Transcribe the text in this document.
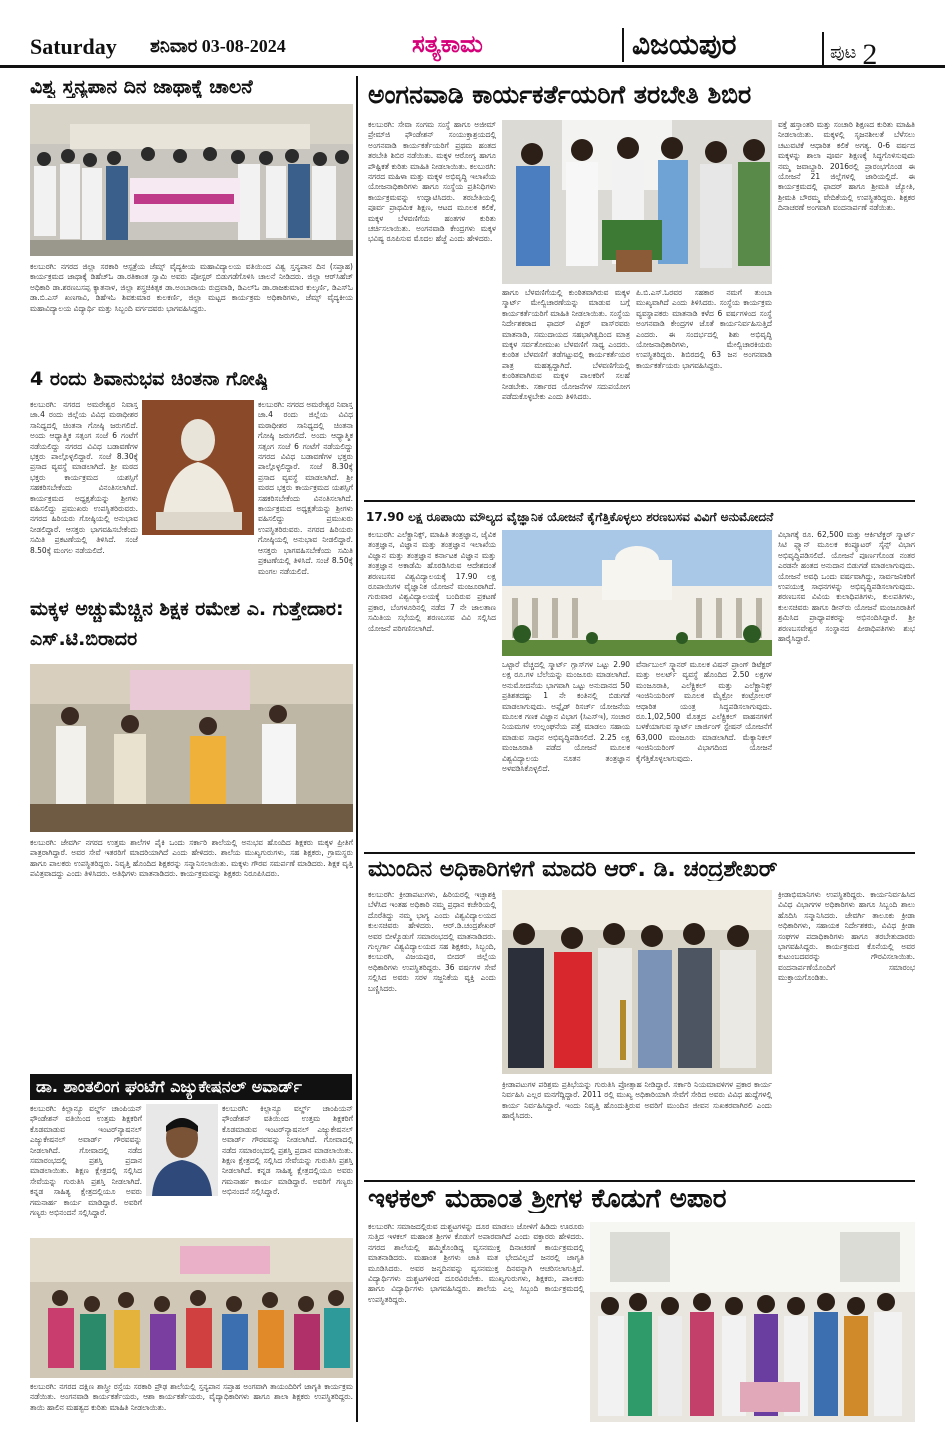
Saturday ಶನಿವಾರ 03-08-2024	ಸತ್ಯಕಾಮ	ವಿಜಯಪುರ	ಪುಟ 2
ವಿಶ್ವ ಸ್ತನ್ಯಪಾನ ದಿನ ಜಾಥಾಕ್ಕೆ ಚಾಲನೆ

ಕಲಬುರಗಿ: ನಗರದ ಜಿಲ್ಲಾ ಸರಕಾರಿ ಆಸ್ಪತ್ರೆಯ ಜೆಮ್ಸ್ ವೈದ್ಯಕೀಯ ಮಹಾವಿದ್ಯಾಲಯ ವತಿಯಿಂದ ವಿಶ್ವ ಸ್ತನ್ಯಪಾನ ದಿನ (ಸಪ್ತಾಹ) ಕಾರ್ಯಕ್ರಮದ ಜಾಥಾಕ್ಕೆ ಡಿಹೆಚ್ಓ ಡಾ.ರತಿಕಾಂತ ಸ್ವಾಮಿ ಅವರು ಪೋಸ್ಟರ್ ಬಿಡುಗಡೆಗೊಳಿಸಿ ಚಾಲನೆ ನೀಡಿದರು. ಜಿಲ್ಲಾ ಆರ್‌ಸಿಹೆಚ್ ಅಧಿಕಾರಿ ಡಾ.ಶರಣಬಸಪ್ಪ ಕ್ಯಾತನಾಳ, ಜಿಲ್ಲಾ ಶಸ್ತ್ರಚಿಕಿತ್ಸಕ ಡಾ.ಅಂಬಾರಾಯ ರುದ್ರವಾಡಿ, ಡಿಎಲ್ಓ ಡಾ.ರಾಜಕುಮಾರ ಕುಲ್ಕರ್ಣಿ, ಡಿಎಸ್ಓ ಡಾ.ಬಿ.ಎಸ್ ಖಣಗಾವಿ, ಡಿಹೆಇಓ ಶಿವಕುಮಾರ ಕುಲಕರ್ಣಿ, ಜಿಲ್ಲಾ ಮಟ್ಟದ ಕಾರ್ಯಕ್ರಮ ಅಧಿಕಾರಿಗಳು, ಜೆಮ್ಸ್ ವೈದ್ಯಕೀಯ ಮಹಾವಿದ್ಯಾಲಯ ವಿದ್ಯಾರ್ಥಿ ಮತ್ತು ಸಿಬ್ಬಂದಿ ವರ್ಗದವರು ಭಾಗವಹಿಸಿದ್ದರು.

4 ರಂದು ಶಿವಾನುಭವ ಚಿಂತನಾ ಗೋಷ್ಠಿ

ಕಲಬುರಗಿ: ನಗರದ ಅಮರೇಶ್ವರ ನಿವಾಸ್ತ ಜಾ.4 ರಂದು ಜಿಲ್ಲೆಯ ವಿವಿಧ ಮಠಾಧೀಶರ ಸಾನಿಧ್ಯದಲ್ಲಿ ಚಿಂತನಾ ಗೋಷ್ಠಿ ಜರುಗಲಿದೆ. ಅಂದು ಆಧ್ಯಾತ್ಮಿಕ ಸತ್ಸಂಗ ಸಂಜೆ 6 ಗಂಟೆಗೆ ನಡೆಯಲಿದ್ದು ನಗರದ ವಿವಿಧ ಬಡಾವಣೆಗಳ ಭಕ್ತರು ಪಾಲ್ಗೊಳ್ಳಲಿದ್ದಾರೆ. ಸಂಜೆ 8.30ಕ್ಕೆ ಪ್ರಸಾದ ವ್ಯವಸ್ಥೆ ಮಾಡಲಾಗಿದೆ. ಶ್ರೀ ಮಠದ ಭಕ್ತರು ಕಾರ್ಯಕ್ರಮದ ಯಶಸ್ಸಿಗೆ ಸಹಕರಿಸಬೇಕೆಂದು ವಿನಂತಿಸಲಾಗಿದೆ. ಕಾರ್ಯಕ್ರಮದ ಅಧ್ಯಕ್ಷತೆಯನ್ನು ಶ್ರೀಗಳು ವಹಿಸಲಿದ್ದು ಪ್ರಮುಖರು ಉಪಸ್ಥಿತರಿರುವರು. ನಗರದ ಹಿರಿಯರು ಗೋಷ್ಠಿಯಲ್ಲಿ ಅನುಭಾವ ನೀಡಲಿದ್ದಾರೆ. ಆಸಕ್ತರು ಭಾಗವಹಿಸಬೇಕೆಂದು ಸಮಿತಿ ಪ್ರಕಟಣೆಯಲ್ಲಿ ತಿಳಿಸಿದೆ. ಸಂಜೆ 8.50ಕ್ಕೆ ಮಂಗಲ ನಡೆಯಲಿದೆ.

ಕಲಬುರಗಿ: ನಗರದ ಅಮರೇಶ್ವರ ನಿವಾಸ್ತ ಜಾ.4 ರಂದು ಜಿಲ್ಲೆಯ ವಿವಿಧ ಮಠಾಧೀಶರ ಸಾನಿಧ್ಯದಲ್ಲಿ ಚಿಂತನಾ ಗೋಷ್ಠಿ ಜರುಗಲಿದೆ. ಅಂದು ಆಧ್ಯಾತ್ಮಿಕ ಸತ್ಸಂಗ ಸಂಜೆ 6 ಗಂಟೆಗೆ ನಡೆಯಲಿದ್ದು ನಗರದ ವಿವಿಧ ಬಡಾವಣೆಗಳ ಭಕ್ತರು ಪಾಲ್ಗೊಳ್ಳಲಿದ್ದಾರೆ. ಸಂಜೆ 8.30ಕ್ಕೆ ಪ್ರಸಾದ ವ್ಯವಸ್ಥೆ ಮಾಡಲಾಗಿದೆ. ಶ್ರೀ ಮಠದ ಭಕ್ತರು ಕಾರ್ಯಕ್ರಮದ ಯಶಸ್ಸಿಗೆ ಸಹಕರಿಸಬೇಕೆಂದು ವಿನಂತಿಸಲಾಗಿದೆ. ಕಾರ್ಯಕ್ರಮದ ಅಧ್ಯಕ್ಷತೆಯನ್ನು ಶ್ರೀಗಳು ವಹಿಸಲಿದ್ದು ಪ್ರಮುಖರು ಉಪಸ್ಥಿತರಿರುವರು. ನಗರದ ಹಿರಿಯರು ಗೋಷ್ಠಿಯಲ್ಲಿ ಅನುಭಾವ ನೀಡಲಿದ್ದಾರೆ. ಆಸಕ್ತರು ಭಾಗವಹಿಸಬೇಕೆಂದು ಸಮಿತಿ ಪ್ರಕಟಣೆಯಲ್ಲಿ ತಿಳಿಸಿದೆ. ಸಂಜೆ 8.50ಕ್ಕೆ ಮಂಗಲ ನಡೆಯಲಿದೆ.

ಮಕ್ಕಳ ಅಚ್ಚುಮೆಚ್ಚಿನ ಶಿಕ್ಷಕ ರಮೇಶ ಎ. ಗುತ್ತೇದಾರ: ಎಸ್.ಟಿ.ಬಿರಾದರ

ಕಲಬುರಗಿ: ಜೇವರ್ಗಿ ನಗರದ ಉತ್ತಮ ಶಾಲೆಗಳ ಪೈಕಿ ಒಂದು ಸರ್ಕಾರಿ ಶಾಲೆಯಲ್ಲಿ ಅನುಭವ ಹೊಂದಿದ ಶಿಕ್ಷಕರು ಮಕ್ಕಳ ಪ್ರೀತಿಗೆ ಪಾತ್ರರಾಗಿದ್ದಾರೆ. ಅವರ ಸೇವೆ ಇತರರಿಗೆ ಮಾದರಿಯಾಗಿದೆ ಎಂದು ಹೇಳಿದರು. ಶಾಲೆಯ ಮುಖ್ಯಗುರುಗಳು, ಸಹ ಶಿಕ್ಷಕರು, ಗ್ರಾಮಸ್ಥರು ಹಾಗೂ ಪಾಲಕರು ಉಪಸ್ಥಿತರಿದ್ದರು. ನಿವೃತ್ತಿ ಹೊಂದಿದ ಶಿಕ್ಷಕರನ್ನು ಸನ್ಮಾನಿಸಲಾಯಿತು. ಮಕ್ಕಳು ಗೌರವ ಸಮರ್ಪಣೆ ಮಾಡಿದರು. ಶಿಕ್ಷಕ ವೃತ್ತಿ ಪವಿತ್ರವಾದದ್ದು ಎಂದು ತಿಳಿಸಿದರು. ಅತಿಥಿಗಳು ಮಾತನಾಡಿದರು. ಕಾರ್ಯಕ್ರಮವನ್ನು ಶಿಕ್ಷಕರು ನಿರೂಪಿಸಿದರು.

ಡಾ. ಶಾಂತಲಿಂಗ ಘಂಟೆಗೆ ಎಜ್ಯುಕೇಷನಲ್ ಅವಾರ್ಡ್

ಕಲಬುರಗಿ: ಕಿಲ್ಲಾನ್ಯೂ ವರ್ಲ್ಡ್ ಚಾಂಪಿಯನ್ ಫೌಂಡೇಶನ್ ವತಿಯಿಂದ ಉತ್ತಮ ಶಿಕ್ಷಕರಿಗೆ ಕೊಡಮಾಡುವ ಇಂಟರ್‌ನ್ಯಾಷನಲ್ ಎಜ್ಯುಕೇಷನಲ್ ಅವಾರ್ಡ್ ಗೌರವವನ್ನು ನೀಡಲಾಗಿದೆ. ಗೋವಾದಲ್ಲಿ ನಡೆದ ಸಮಾರಂಭದಲ್ಲಿ ಪ್ರಶಸ್ತಿ ಪ್ರದಾನ ಮಾಡಲಾಯಿತು. ಶಿಕ್ಷಣ ಕ್ಷೇತ್ರದಲ್ಲಿ ಸಲ್ಲಿಸಿದ ಸೇವೆಯನ್ನು ಗುರುತಿಸಿ ಪ್ರಶಸ್ತಿ ನೀಡಲಾಗಿದೆ. ಕನ್ನಡ ಸಾಹಿತ್ಯ ಕ್ಷೇತ್ರದಲ್ಲಿಯೂ ಅವರು ಗಮನಾರ್ಹ ಕಾರ್ಯ ಮಾಡಿದ್ದಾರೆ. ಅವರಿಗೆ ಗಣ್ಯರು ಅಭಿನಂದನೆ ಸಲ್ಲಿಸಿದ್ದಾರೆ.

ಕಲಬುರಗಿ: ಕಿಲ್ಲಾನ್ಯೂ ವರ್ಲ್ಡ್ ಚಾಂಪಿಯನ್ ಫೌಂಡೇಶನ್ ವತಿಯಿಂದ ಉತ್ತಮ ಶಿಕ್ಷಕರಿಗೆ ಕೊಡಮಾಡುವ ಇಂಟರ್‌ನ್ಯಾಷನಲ್ ಎಜ್ಯುಕೇಷನಲ್ ಅವಾರ್ಡ್ ಗೌರವವನ್ನು ನೀಡಲಾಗಿದೆ. ಗೋವಾದಲ್ಲಿ ನಡೆದ ಸಮಾರಂಭದಲ್ಲಿ ಪ್ರಶಸ್ತಿ ಪ್ರದಾನ ಮಾಡಲಾಯಿತು. ಶಿಕ್ಷಣ ಕ್ಷೇತ್ರದಲ್ಲಿ ಸಲ್ಲಿಸಿದ ಸೇವೆಯನ್ನು ಗುರುತಿಸಿ ಪ್ರಶಸ್ತಿ ನೀಡಲಾಗಿದೆ. ಕನ್ನಡ ಸಾಹಿತ್ಯ ಕ್ಷೇತ್ರದಲ್ಲಿಯೂ ಅವರು ಗಮನಾರ್ಹ ಕಾರ್ಯ ಮಾಡಿದ್ದಾರೆ. ಅವರಿಗೆ ಗಣ್ಯರು ಅಭಿನಂದನೆ ಸಲ್ಲಿಸಿದ್ದಾರೆ.

ಕಲಬುರಗಿ: ನಗರದ ದಕ್ಷಿಣ ಶಾಸ್ತ್ರೀ ರಸ್ತೆಯ ಸರಕಾರಿ ಪ್ರೌಢ ಶಾಲೆಯಲ್ಲಿ ಸ್ತನ್ಯಪಾನ ಸಪ್ತಾಹ ಅಂಗವಾಗಿ ತಾಯಂದಿರಿಗೆ ಜಾಗೃತಿ ಕಾರ್ಯಕ್ರಮ ನಡೆಯಿತು. ಅಂಗನವಾಡಿ ಕಾರ್ಯಕರ್ತೆಯರು, ಆಶಾ ಕಾರ್ಯಕರ್ತೆಯರು, ವೈದ್ಯಾಧಿಕಾರಿಗಳು ಹಾಗೂ ಶಾಲಾ ಶಿಕ್ಷಕರು ಉಪಸ್ಥಿತರಿದ್ದರು. ತಾಯಿ ಹಾಲಿನ ಮಹತ್ವದ ಕುರಿತು ಮಾಹಿತಿ ನೀಡಲಾಯಿತು.

ಅಂಗನವಾಡಿ ಕಾರ್ಯಕರ್ತೆಯರಿಗೆ ತರಬೇತಿ ಶಿಬಿರ

ಕಲಬುರಗಿ: ಸೇವಾ ಸಂಗಮ ಸಂಸ್ಥೆ ಹಾಗೂ ಅಜೀಮ್ ಪ್ರೇಮ್‌ಜಿ ಫೌಂಡೇಶನ್ ಸಂಯುಕ್ತಾಶ್ರಯದಲ್ಲಿ ಅಂಗನವಾಡಿ ಕಾರ್ಯಕರ್ತೆಯರಿಗೆ ಪ್ರಥಮ ಹಂತದ ತರಬೇತಿ ಶಿಬಿರ ನಡೆಯಿತು. ಮಕ್ಕಳ ಆರೋಗ್ಯ ಹಾಗೂ ಪೌಷ್ಟಿಕತೆ ಕುರಿತು ಮಾಹಿತಿ ನೀಡಲಾಯಿತು. ಕಲಬುರಗಿ: ನಗರದ ಮಹಿಳಾ ಮತ್ತು ಮಕ್ಕಳ ಅಭಿವೃದ್ಧಿ ಇಲಾಖೆಯ ಯೋಜನಾಧಿಕಾರಿಗಳು ಹಾಗೂ ಸಂಸ್ಥೆಯ ಪ್ರತಿನಿಧಿಗಳು ಕಾರ್ಯಕ್ರಮವನ್ನು ಉದ್ಘಾಟಿಸಿದರು. ತರಬೇತಿಯಲ್ಲಿ ಪೂರ್ವ ಪ್ರಾಥಮಿಕ ಶಿಕ್ಷಣ, ಆಟದ ಮೂಲಕ ಕಲಿಕೆ, ಮಕ್ಕಳ ಬೆಳವಣಿಗೆಯ ಹಂತಗಳ ಕುರಿತು ಚರ್ಚಿಸಲಾಯಿತು. ಅಂಗನವಾಡಿ ಕೇಂದ್ರಗಳು ಮಕ್ಕಳ ಭವಿಷ್ಯ ರೂಪಿಸುವ ಮೊದಲ ಹೆಜ್ಜೆ ಎಂದು ಹೇಳಿದರು.

ಹಾಗೂ ಬೆಳವಣಿಗೆಯಲ್ಲಿ ಕುಂಠಿತವಾಗಿರುವ ಮಕ್ಕಳ ಸ್ಮಾರ್ಟ್ ಮೇಲ್ವಿಚಾರಣೆಯನ್ನು ಮಾಡುವ ಬಗ್ಗೆ ಕಾರ್ಯಕರ್ತೆಯರಿಗೆ ಮಾಹಿತಿ ನೀಡಲಾಯಿತು. ಸಂಸ್ಥೆಯ ನಿರ್ದೇಶಕರಾದ ಫಾದರ್ ವಿಕ್ಟರ್ ವಾಸ್‌ರವರು ಮಾತನಾಡಿ, ಸಮುದಾಯದ ಸಹಭಾಗಿತ್ವದಿಂದ ಮಾತ್ರ ಮಕ್ಕಳ ಸರ್ವತೋಮುಖ ಬೆಳವಣಿಗೆ ಸಾಧ್ಯ ಎಂದರು. ಕುಂಠಿತ ಬೆಳವಣಿಗೆ ತಡೆಗಟ್ಟುವಲ್ಲಿ ಕಾರ್ಯಕರ್ತೆಯರ ಪಾತ್ರ ಮಹತ್ವದ್ದಾಗಿದೆ. ಬೆಳವಣಿಗೆಯಲ್ಲಿ ಕುಂಠಿತವಾಗಿರುವ ಮಕ್ಕಳ ಪಾಲಕರಿಗೆ ಸಲಹೆ ನೀಡಬೇಕು. ಸರ್ಕಾರದ ಯೋಜನೆಗಳ ಸದುಪಯೋಗ ಪಡೆದುಕೊಳ್ಳಬೇಕು ಎಂದು ತಿಳಿಸಿದರು.

ಪಿ.ಬಿ.ಎಸ್.ಓರವರ ಸಹಕಾರ ನಮಗೆ ತುಂಬಾ ಮುಖ್ಯವಾಗಿದೆ ಎಂದು ತಿಳಿಸಿದರು. ಸಂಸ್ಥೆಯ ಕಾರ್ಯಕ್ರಮ ವ್ಯವಸ್ಥಾಪಕರು ಮಾತನಾಡಿ ಕಳೆದ 6 ವರ್ಷಗಳಿಂದ ಸಂಸ್ಥೆ ಅಂಗನವಾಡಿ ಕೇಂದ್ರಗಳ ಜೊತೆ ಕಾರ್ಯನಿರ್ವಹಿಸುತ್ತಿದೆ ಎಂದರು. ಈ ಸಂದರ್ಭದಲ್ಲಿ ಶಿಶು ಅಭಿವೃದ್ಧಿ ಯೋಜನಾಧಿಕಾರಿಗಳು, ಮೇಲ್ವಿಚಾರಕಿಯರು ಉಪಸ್ಥಿತರಿದ್ದರು. ಶಿಬಿರದಲ್ಲಿ 63 ಜನ ಅಂಗನವಾಡಿ ಕಾರ್ಯಕರ್ತೆಯರು ಭಾಗವಹಿಸಿದ್ದರು.

ವಕ್ತೆ ಹಸ್ತಾಂತರಿ ಮತ್ತು ಸಂಚಾರಿ ಶಿಕ್ಷಣದ ಕುರಿತು ಮಾಹಿತಿ ನೀಡಲಾಯಿತು. ಮಕ್ಕಳಲ್ಲಿ ಸೃಜನಶೀಲತೆ ಬೆಳೆಸಲು ಚಟುವಟಿಕೆ ಆಧಾರಿತ ಕಲಿಕೆ ಅಗತ್ಯ. 0-6 ವರ್ಷದ ಮಕ್ಕಳನ್ನು ಶಾಲಾ ಪೂರ್ವ ಶಿಕ್ಷಣಕ್ಕೆ ಸಿದ್ಧಗೊಳಿಸುವುದು ನಮ್ಮ ಜವಾಬ್ದಾರಿ. 2016ರಲ್ಲಿ ಪ್ರಾರಂಭಗೊಂಡ ಈ ಯೋಜನೆ 21 ಜಿಲ್ಲೆಗಳಲ್ಲಿ ಜಾರಿಯಲ್ಲಿದೆ. ಈ ಕಾರ್ಯಕ್ರಮದಲ್ಲಿ ಫಾದರ್ ಹಾಗೂ ಶ್ರೀಮತಿ ಜ್ಯೋತಿ, ಶ್ರೀಮತಿ ಬೌರಮ್ಮ ವೇದಿಕೆಯಲ್ಲಿ ಉಪಸ್ಥಿತರಿದ್ದರು. ಶಿಕ್ಷಕರ ದಿನಾಚರಣೆ ಅಂಗವಾಗಿ ವಂದನಾರ್ಪಣೆ ನಡೆಯಿತು.

17.90 ಲಕ್ಷ ರೂಪಾಯಿ ಮೌಲ್ಯದ ವೈಜ್ಞಾನಿಕ ಯೋಜನೆ ಕೈಗೆತ್ತಿಕೊಳ್ಳಲು ಶರಣಬಸವ ವಿವಿಗೆ ಅನುಮೋದನೆ

ಕಲಬುರಗಿ: ಎಲೆಕ್ಟ್ರಾನಿಕ್ಸ್, ಮಾಹಿತಿ ತಂತ್ರಜ್ಞಾನ, ಜೈವಿಕ ತಂತ್ರಜ್ಞಾನ, ವಿಜ್ಞಾನ ಮತ್ತು ತಂತ್ರಜ್ಞಾನ ಇಲಾಖೆಯ ವಿಜ್ಞಾನ ಮತ್ತು ತಂತ್ರಜ್ಞಾನ ಕರ್ನಾಟಕ ವಿಜ್ಞಾನ ಮತ್ತು ತಂತ್ರಜ್ಞಾನ ಅಕಾಡೆಮಿ ಹೊರಡಿಸಿರುವ ಆದೇಶದಂತೆ ಶರಣಬಸವ ವಿಶ್ವವಿದ್ಯಾಲಯಕ್ಕೆ 17.90 ಲಕ್ಷ ರೂಪಾಯಿಗಳ ವೈಜ್ಞಾನಿಕ ಯೋಜನೆ ಮಂಜೂರಾಗಿದೆ. ಗುರುವಾರ ವಿಶ್ವವಿದ್ಯಾಲಯಕ್ಕೆ ಬಂದಿರುವ ಪ್ರಕಟಣೆ ಪ್ರಕಾರ, ಬೆಂಗಳೂರಿನಲ್ಲಿ ನಡೆದ 7 ನೇ ಜಾಲತಾಣ ಸಮಿತಿಯ ಸಭೆಯಲ್ಲಿ ಶರಣಬಸವ ವಿವಿ ಸಲ್ಲಿಸಿದ ಯೋಜನೆ ಪರಿಗಣಿಸಲಾಗಿದೆ.

ಒಟ್ಟಾರೆ ವೆಚ್ಚದಲ್ಲಿ ಸ್ಮಾರ್ಟ್ ಗ್ಲಾಸ್‌ಗಳ ಒಟ್ಟು 2.90 ಲಕ್ಷ ರೂ.ಗಳ ಬೆಲೆಯನ್ನು ಮಂಜೂರು ಮಾಡಲಾಗಿದೆ. ಅನುಮೋದನೆಯ ಭಾಗವಾಗಿ ಒಟ್ಟು ಅನುದಾನದ 50 ಪ್ರತಿಶತದಷ್ಟು 1 ನೇ ಕಂತಿನಲ್ಲಿ ಬಿಡುಗಡೆ ಮಾಡಲಾಗುವುದು. ಅಪ್ಲೈಡ್ ರಿಸರ್ಚ್ ಯೋಜನೆಯ ಮೂಲಕ ಗಣಕ ವಿಜ್ಞಾನ ವಿಭಾಗ (ಸಿಎಸ್‌ಇ), ಸಂಚಾರ ನಿಯಮಗಳ ಉಲ್ಲಂಘನೆಯ ಪತ್ತೆ ಮಾಡಲು ಸಹಾಯ ಮಾಡುವ ಸಾಧನ ಅಭಿವೃದ್ಧಿಪಡಿಸಲಿದೆ. 2.25 ಲಕ್ಷ ಮಂಜೂರಾತಿ ಪಡೆದ ಯೋಜನೆ ಮೂಲಕ ವಿಶ್ವವಿದ್ಯಾಲಯ ನೂತನ ತಂತ್ರಜ್ಞಾನ ಅಳವಡಿಸಿಕೊಳ್ಳಲಿದೆ.

ವೆರ್ನಾಬುಲ್ ಸ್ಕ್ಯಾನರ್ ಮೂಲಕ ವಿಷನ್ ಪ್ರಾಂಗ್ ಡಿಟೆಕ್ಟರ್ ಮತ್ತು ಅಲರ್ಟ್ ವ್ಯವಸ್ಥೆ ಹೊಂದಿದ 2.50 ಲಕ್ಷಗಳ ಮಂಜೂರಾತಿ, ಎಲೆಕ್ಟ್ರಿಕಲ್ ಮತ್ತು ಎಲೆಕ್ಟ್ರಾನಿಕ್ಸ್ ಇಂಜಿನಿಯರಿಂಗ್ ಮೂಲಕ ಮೈಕ್ರೋ ಕಂಟ್ರೋಲರ್ ಆಧಾರಿತ ಯಂತ್ರ ಸಿದ್ಧಪಡಿಸಲಾಗುವುದು. ರೂ.1,02,500 ಮೊತ್ತದ ಎಲೆಕ್ಟ್ರಿಕಲ್ ವಾಹನಗಳಿಗೆ ಬಳಕೆಯಾಗುವ ಸ್ಮಾರ್ಟ್ ಚಾರ್ಜಿಂಗ್ ಸ್ಟೇಷನ್ ಯೋಜನೆಗೆ 63,000 ಮಂಜೂರು ಮಾಡಲಾಗಿದೆ. ಮೆಕ್ಯಾನಿಕಲ್ ಇಂಜಿನಿಯರಿಂಗ್ ವಿಭಾಗದಿಂದ ಯೋಜನೆ ಕೈಗೆತ್ತಿಕೊಳ್ಳಲಾಗುವುದು.

ವಿಭಾಗಕ್ಕೆ ರೂ. 62,500 ಮತ್ತು ಆರ್ಕಿಟೆಕ್ಚರ್ ಸ್ಮಾರ್ಟ್ ಸಿಟಿ ಪ್ಲ್ಯಾನ್ ಮೂಲಕ ಕಂಪ್ಯೂಟರ್ ಸೈನ್ಸ್ ವಿಭಾಗ ಅಭಿವೃದ್ಧಿಪಡಿಸಲಿದೆ. ಯೋಜನೆ ಪೂರ್ಣಗೊಂಡ ನಂತರ ಎರಡನೇ ಹಂತದ ಅನುದಾನ ಬಿಡುಗಡೆ ಮಾಡಲಾಗುವುದು. ಯೋಜನೆ ಅವಧಿ ಒಂದು ವರ್ಷವಾಗಿದ್ದು, ಸಾರ್ವಜನಿಕರಿಗೆ ಉಪಯುಕ್ತ ಸಾಧನಗಳನ್ನು ಅಭಿವೃದ್ಧಿಪಡಿಸಲಾಗುವುದು. ಶರಣಬಸವ ವಿವಿಯ ಕುಲಾಧಿಪತಿಗಳು, ಕುಲಪತಿಗಳು, ಕುಲಸಚಿವರು ಹಾಗೂ ಡೀನ್‌ರು ಯೋಜನೆ ಮಂಜೂರಾತಿಗೆ ಶ್ರಮಿಸಿದ ಪ್ರಾಧ್ಯಾಪಕರನ್ನು ಅಭಿನಂದಿಸಿದ್ದಾರೆ. ಶ್ರೀ ಶರಣಬಸವೇಶ್ವರ ಸಂಸ್ಥಾನದ ಪೀಠಾಧಿಪತಿಗಳು ಶುಭ ಹಾರೈಸಿದ್ದಾರೆ.

ಮುಂದಿನ ಅಧಿಕಾರಿಗಳಿಗೆ ಮಾದರಿ ಆರ್. ಡಿ. ಚಂದ್ರಶೇಖರ್

ಕಲಬುರಗಿ: ಕ್ರೀಡಾಪಟುಗಳು, ಹಿರಿಯರಲ್ಲಿ ಇಚ್ಛಾಶಕ್ತಿ ಬೆಳೆಸಿದ ಇಂತಹ ಅಧಿಕಾರಿ ನಮ್ಮ ಪ್ರಧಾನ ಕಚೇರಿಯಲ್ಲಿ ದೊರೆತಿದ್ದು ನಮ್ಮ ಭಾಗ್ಯ ಎಂದು ವಿಶ್ವವಿದ್ಯಾಲಯದ ಕುಲಸಚಿವರು ಹೇಳಿದರು. ಆರ್.ಡಿ.ಚಂದ್ರಶೇಖರ್ ಅವರ ಬೀಳ್ಕೊಡುಗೆ ಸಮಾರಂಭದಲ್ಲಿ ಮಾತನಾಡಿದರು. ಗುಲ್ಬರ್ಗಾ ವಿಶ್ವವಿದ್ಯಾಲಯದ ಸಹ ಶಿಕ್ಷಕರು, ಸಿಬ್ಬಂದಿ, ಕಲಬುರಗಿ, ವಿಜಯಪುರ, ಬೀದರ್ ಜಿಲ್ಲೆಯ ಅಧಿಕಾರಿಗಳು ಉಪಸ್ಥಿತರಿದ್ದರು. 36 ವರ್ಷಗಳ ಸೇವೆ ಸಲ್ಲಿಸಿದ ಅವರು ಸರಳ ಸಜ್ಜನಿಕೆಯ ವ್ಯಕ್ತಿ ಎಂದು ಬಣ್ಣಿಸಿದರು.

ಕ್ರೀಡಾಪಟುಗಳ ಪರಿಶ್ರಮ ಪ್ರತಿಭೆಯನ್ನು ಗುರುತಿಸಿ ಪ್ರೋತ್ಸಾಹ ನೀಡಿದ್ದಾರೆ. ಸರ್ಕಾರಿ ನಿಯಮಾವಳಿಗಳ ಪ್ರಕಾರ ಕಾರ್ಯ ನಿರ್ವಹಿಸಿ ಎಲ್ಲರ ಮನಗೆದ್ದಿದ್ದಾರೆ. 2011 ರಲ್ಲಿ ಮುಖ್ಯ ಅಧಿಕಾರಿಯಾಗಿ ಸೇವೆಗೆ ಸೇರಿದ ಅವರು ವಿವಿಧ ಹುದ್ದೆಗಳಲ್ಲಿ ಕಾರ್ಯ ನಿರ್ವಹಿಸಿದ್ದಾರೆ. ಇಂದು ನಿವೃತ್ತಿ ಹೊಂದುತ್ತಿರುವ ಅವರಿಗೆ ಮುಂದಿನ ಜೀವನ ಸುಖಕರವಾಗಿರಲಿ ಎಂದು ಹಾರೈಸಿದರು.

ಕ್ರೀಡಾಭಿಮಾನಿಗಳು ಉಪಸ್ಥಿತರಿದ್ದರು. ಕಾರ್ಯನಿರ್ವಹಿಸಿದ ವಿವಿಧ ವಿಭಾಗಗಳ ಅಧಿಕಾರಿಗಳು ಹಾಗೂ ಸಿಬ್ಬಂದಿ ಶಾಲು ಹೊದಿಸಿ ಸನ್ಮಾನಿಸಿದರು. ಜೇವರ್ಗಿ ತಾಲೂಕು ಕ್ರೀಡಾ ಅಧಿಕಾರಿಗಳು, ಸಹಾಯಕ ನಿರ್ದೇಶಕರು, ವಿವಿಧ ಕ್ರೀಡಾ ಸಂಘಗಳ ಪದಾಧಿಕಾರಿಗಳು ಹಾಗೂ ತರಬೇತುದಾರರು ಭಾಗವಹಿಸಿದ್ದರು. ಕಾರ್ಯಕ್ರಮದ ಕೊನೆಯಲ್ಲಿ ಅವರ ಕುಟುಂಬದವರನ್ನು ಗೌರವಿಸಲಾಯಿತು. ವಂದನಾರ್ಪಣೆಯೊಂದಿಗೆ ಸಮಾರಂಭ ಮುಕ್ತಾಯಗೊಂಡಿತು.

ಇಳಕಲ್ ಮಹಾಂತ ಶ್ರೀಗಳ ಕೊಡುಗೆ ಅಪಾರ

ಕಲಬುರಗಿ: ಸಮಾಜದಲ್ಲಿರುವ ದುಶ್ಚಟಗಳನ್ನು ದೂರ ಮಾಡಲು ಜೋಳಿಗೆ ಹಿಡಿದು ಊರೂರು ಸುತ್ತಿದ ಇಳಕಲ್ ಮಹಾಂತ ಶ್ರೀಗಳ ಕೊಡುಗೆ ಅಪಾರವಾಗಿದೆ ಎಂದು ವಕ್ತಾರರು ಹೇಳಿದರು. ನಗರದ ಶಾಲೆಯಲ್ಲಿ ಹಮ್ಮಿಕೊಂಡಿದ್ದ ವ್ಯಸನಮುಕ್ತ ದಿನಾಚರಣೆ ಕಾರ್ಯಕ್ರಮದಲ್ಲಿ ಮಾತನಾಡಿದರು. ಮಹಾಂತ ಶ್ರೀಗಳು ಜಾತಿ ಮತ ಭೇದವಿಲ್ಲದೆ ಜನರಲ್ಲಿ ಜಾಗೃತಿ ಮೂಡಿಸಿದರು. ಅವರ ಜನ್ಮದಿನವನ್ನು ವ್ಯಸನಮುಕ್ತ ದಿನವನ್ನಾಗಿ ಆಚರಿಸಲಾಗುತ್ತಿದೆ. ವಿದ್ಯಾರ್ಥಿಗಳು ದುಶ್ಚಟಗಳಿಂದ ದೂರವಿರಬೇಕು. ಮುಖ್ಯಗುರುಗಳು, ಶಿಕ್ಷಕರು, ಪಾಲಕರು ಹಾಗೂ ವಿದ್ಯಾರ್ಥಿಗಳು ಭಾಗವಹಿಸಿದ್ದರು. ಶಾಲೆಯ ಎಲ್ಲ ಸಿಬ್ಬಂದಿ ಕಾರ್ಯಕ್ರಮದಲ್ಲಿ ಉಪಸ್ಥಿತರಿದ್ದರು.
